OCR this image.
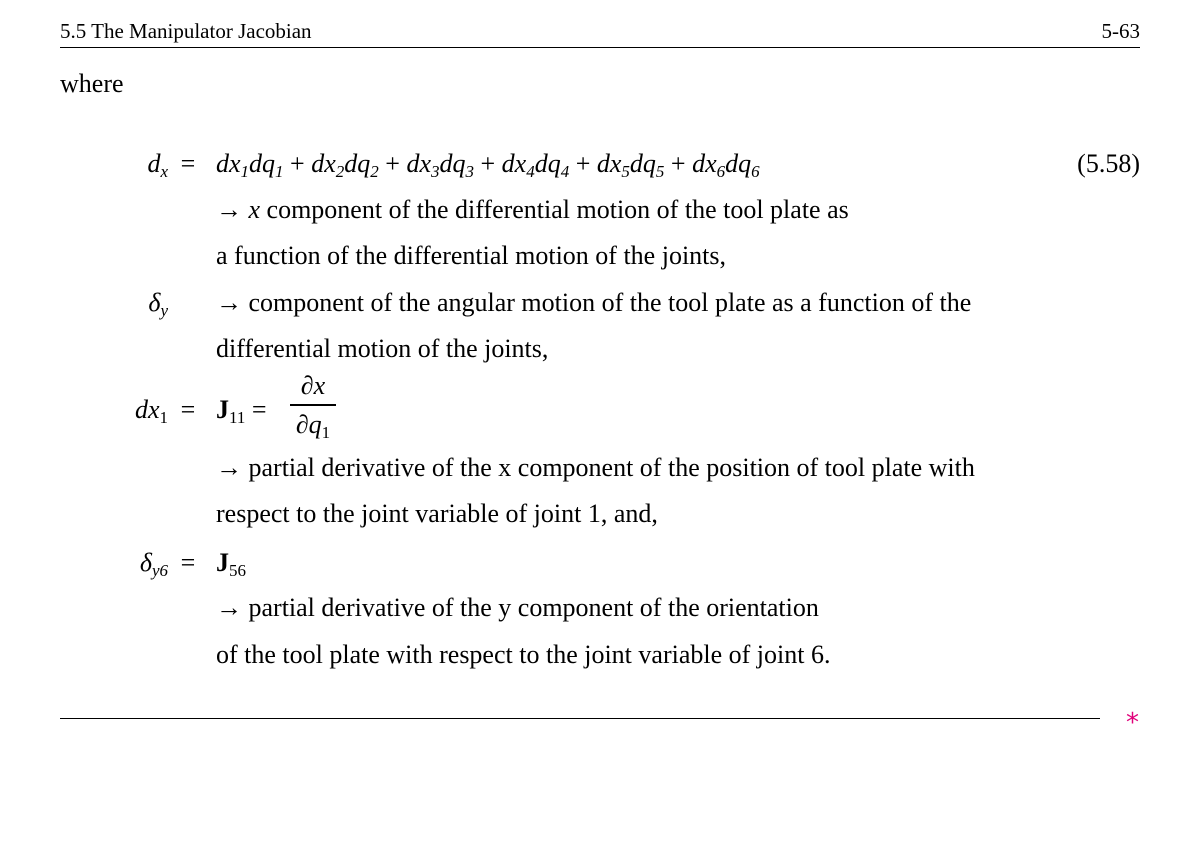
5.5 The Manipulator Jacobian	5-63
where
$d_x = dx_1dq_1 + dx_2dq_2 + dx_3dq_3 + dx_4dq_4 + dx_5dq_5 + dx_6dq_6$	(5.58)
→ x component of the differential motion of the tool plate as
a function of the differential motion of the joints,
$\delta_y$ → component of the angular motion of the tool plate as a function of the
differential motion of the joints,
$dx_1 = J_{11}$ =
∂x
$\partial q_1$
→ partial derivative of the x component of the position of tool plate with
respect to the joint variable of joint 1, and,
$\delta_{y6} = J_{56}$
→ partial derivative of the y component of the orientation
of the tool plate with respect to the joint variable of joint 6.
*
